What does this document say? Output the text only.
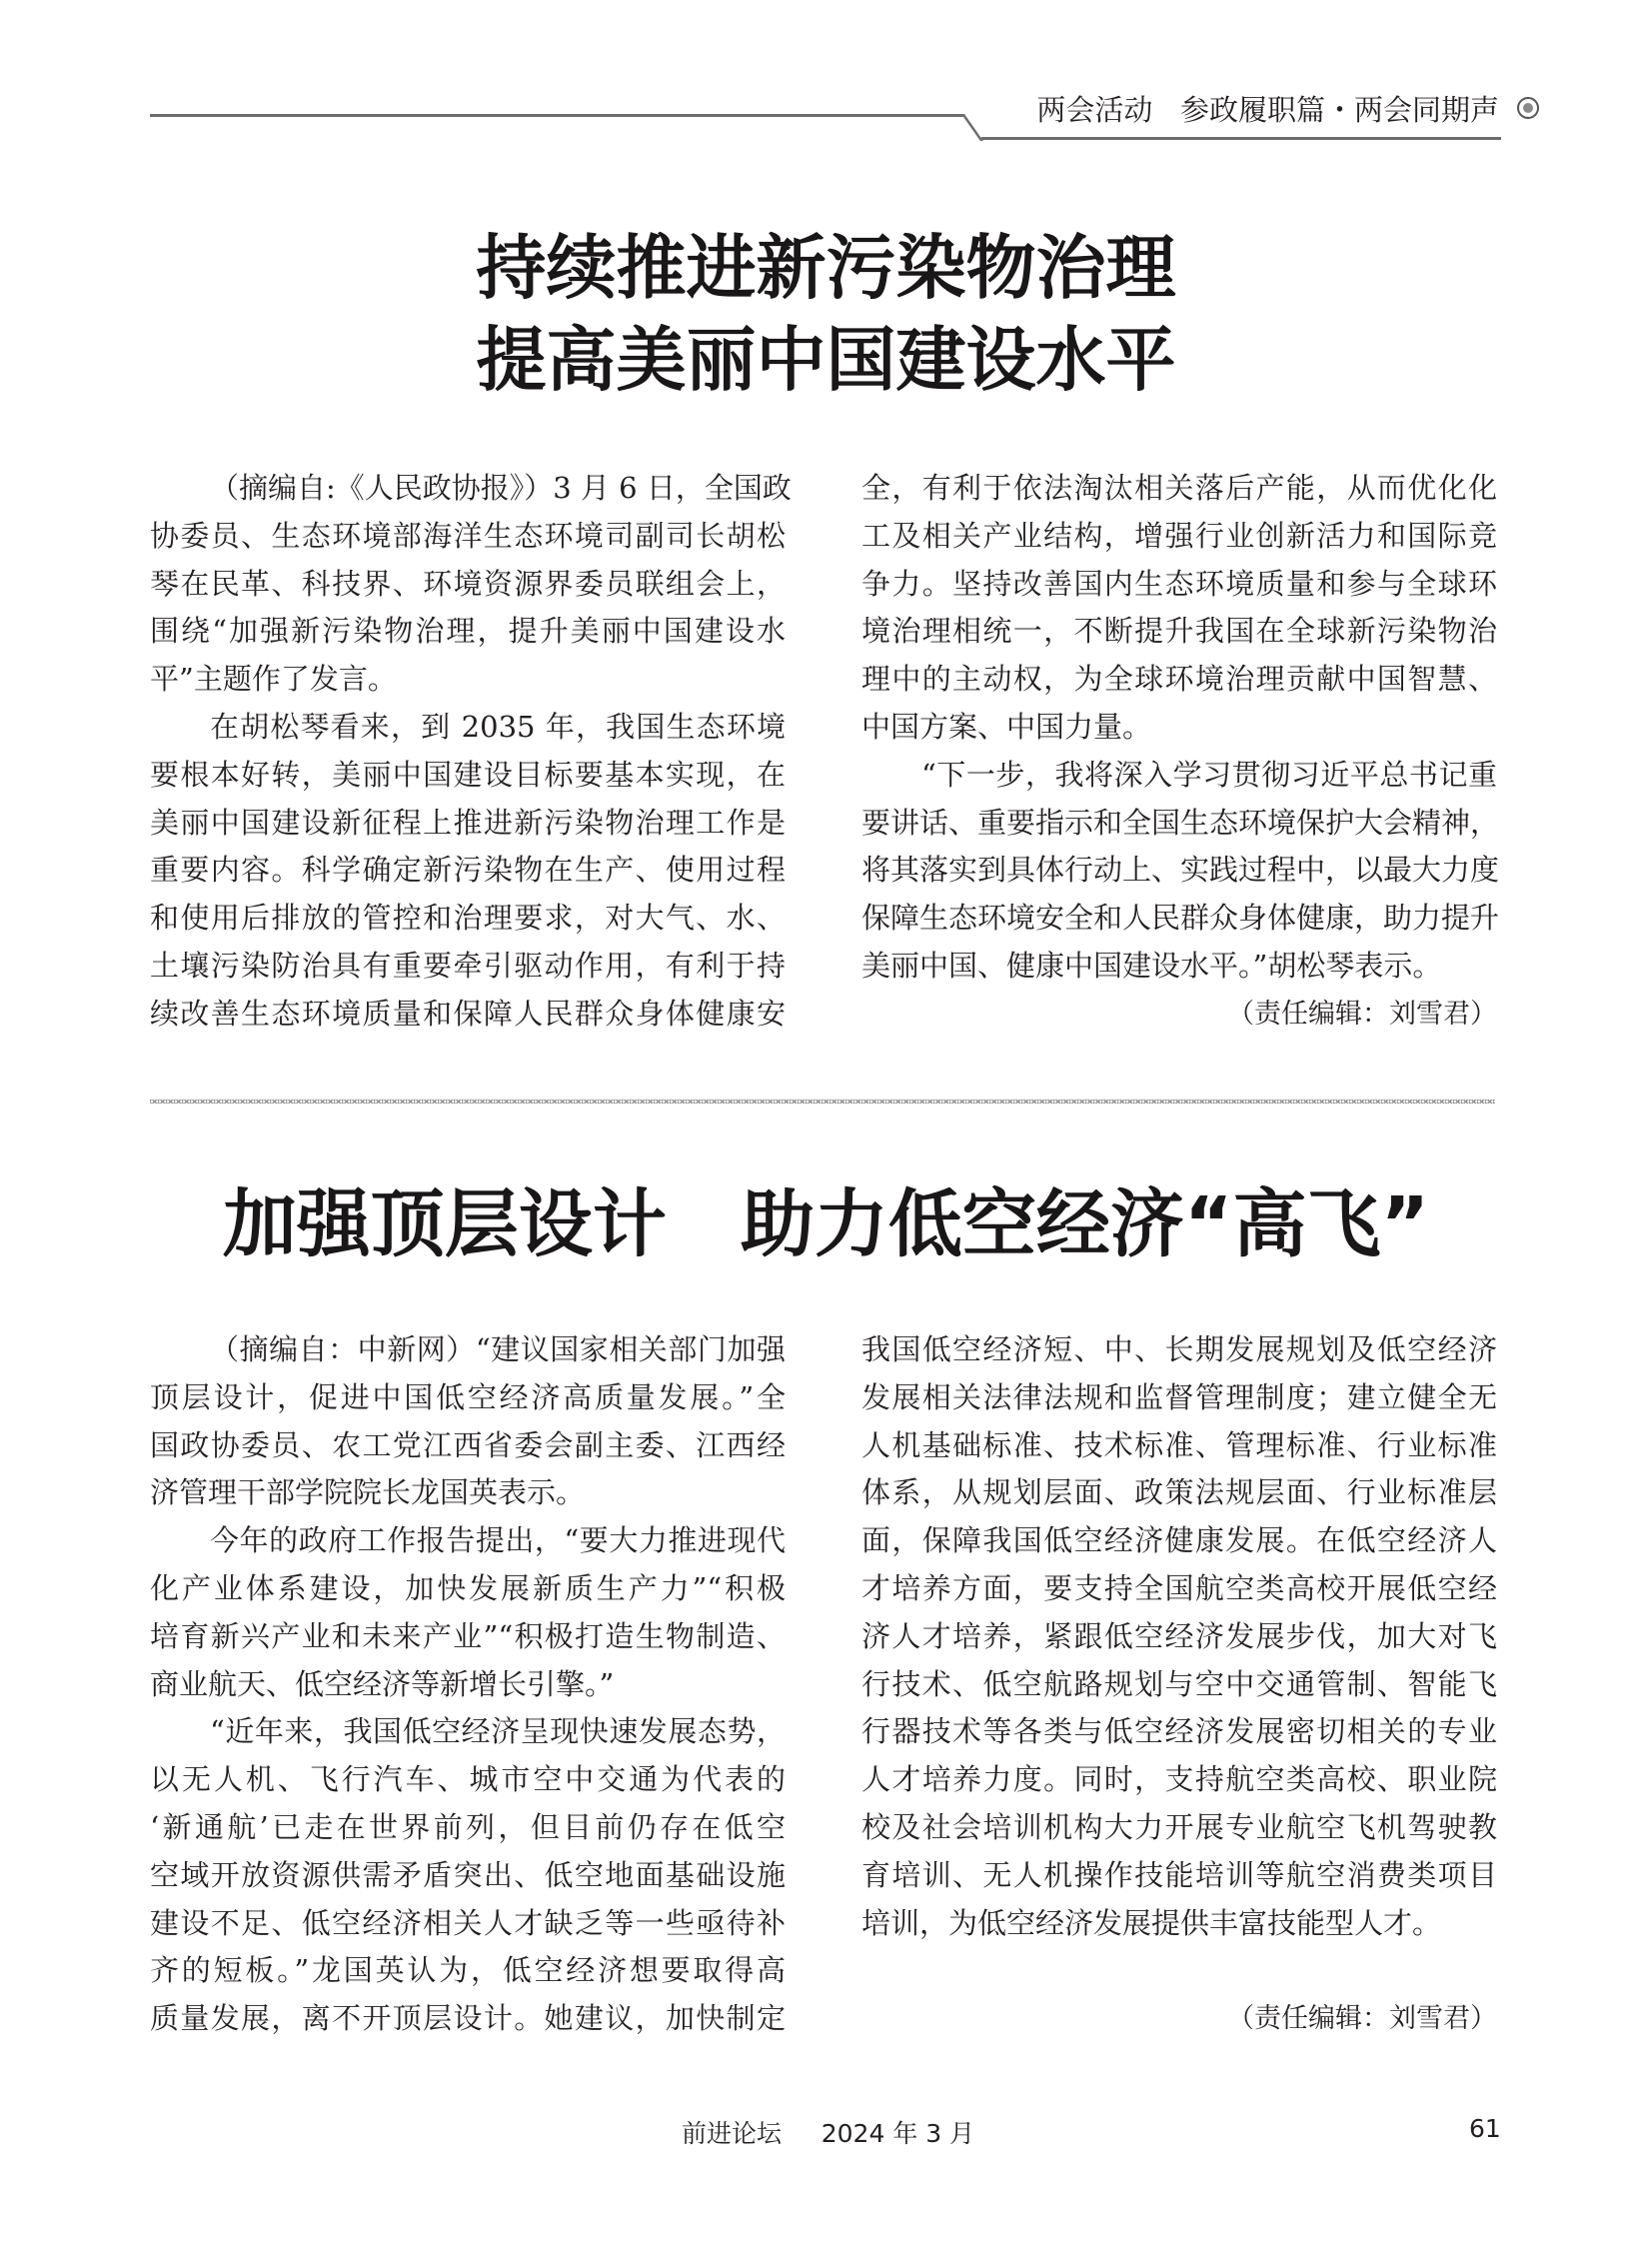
两会活动 参政履职篇・两会同期声
持续推进新污染物治理
提高美丽中国建设水平
（摘编自:《人民政协报》）3 月 6 日，全国政
协委员、生态环境部海洋生态环境司副司长胡松
琴在民革、科技界、环境资源界委员联组会上，
围绕“加强新污染物治理，提升美丽中国建设水
平”主题作了发言。
在胡松琴看来，到 2035 年，我国生态环境
要根本好转，美丽中国建设目标要基本实现，在
美丽中国建设新征程上推进新污染物治理工作是
重要内容。科学确定新污染物在生产、使用过程
和使用后排放的管控和治理要求，对大气、水、
土壤污染防治具有重要牵引驱动作用，有利于持
续改善生态环境质量和保障人民群众身体健康安
全，有利于依法淘汰相关落后产能，从而优化化
工及相关产业结构，增强行业创新活力和国际竞
争力。坚持改善国内生态环境质量和参与全球环
境治理相统一，不断提升我国在全球新污染物治
理中的主动权，为全球环境治理贡献中国智慧、
中国方案、中国力量。
“下一步，我将深入学习贯彻习近平总书记重
要讲话、重要指示和全国生态环境保护大会精神，
将其落实到具体行动上、实践过程中，以最大力度
保障生态环境安全和人民群众身体健康，助力提升
美丽中国、健康中国建设水平。”胡松琴表示。
（责任编辑：刘雪君）
加强顶层设计　助力低空经济“高飞”
（摘编自：中新网）“建议国家相关部门加强
顶层设计，促进中国低空经济高质量发展。”全
国政协委员、农工党江西省委会副主委、江西经
济管理干部学院院长龙国英表示。
今年的政府工作报告提出，“要大力推进现代
化产业体系建设，加快发展新质生产力”“积极
培育新兴产业和未来产业”“积极打造生物制造、
商业航天、低空经济等新增长引擎。”
“近年来，我国低空经济呈现快速发展态势，
以无人机、飞行汽车、城市空中交通为代表的
‘新通航’已走在世界前列，但目前仍存在低空
空域开放资源供需矛盾突出、低空地面基础设施
建设不足、低空经济相关人才缺乏等一些亟待补
齐的短板。”龙国英认为，低空经济想要取得高
质量发展，离不开顶层设计。她建议，加快制定
我国低空经济短、中、长期发展规划及低空经济
发展相关法律法规和监督管理制度；建立健全无
人机基础标准、技术标准、管理标准、行业标准
体系，从规划层面、政策法规层面、行业标准层
面，保障我国低空经济健康发展。在低空经济人
才培养方面，要支持全国航空类高校开展低空经
济人才培养，紧跟低空经济发展步伐，加大对飞
行技术、低空航路规划与空中交通管制、智能飞
行器技术等各类与低空经济发展密切相关的专业
人才培养力度。同时，支持航空类高校、职业院
校及社会培训机构大力开展专业航空飞机驾驶教
育培训、无人机操作技能培训等航空消费类项目
培训，为低空经济发展提供丰富技能型人才。
（责任编辑：刘雪君）
前进论坛 2024 年 3 月	61
